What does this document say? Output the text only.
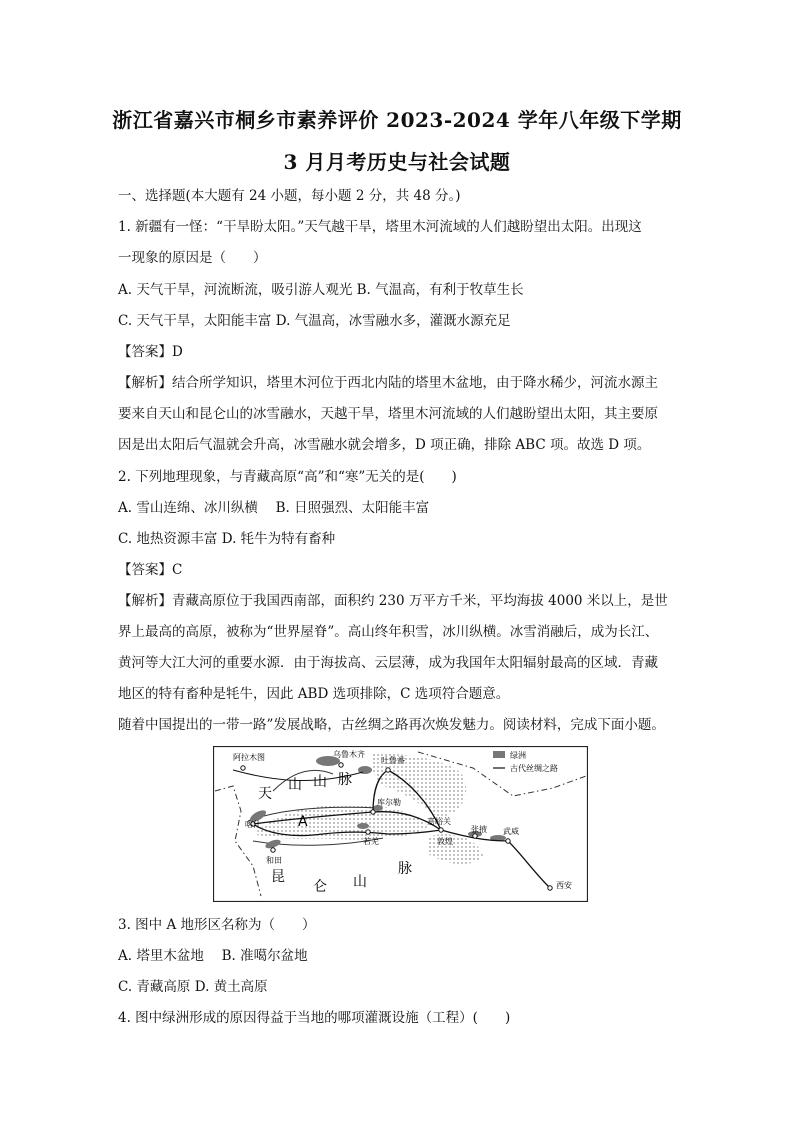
浙江省嘉兴市桐乡市素养评价 2023-2024 学年八年级下学期
3 月月考历史与社会试题
一、选择题(本大题有 24 小题，每小题 2 分，共 48 分。)
1. 新疆有一怪：“干旱盼太阳。”天气越干旱，塔里木河流域的人们越盼望出太阳。出现这
一现象的原因是（　　）
A. 天气干旱，河流断流，吸引游人观光 B. 气温高，有利于牧草生长
C. 天气干旱，太阳能丰富 D. 气温高，冰雪融水多，灌溉水源充足
【答案】D
【解析】结合所学知识，塔里木河位于西北内陆的塔里木盆地，由于降水稀少，河流水源主
要来自天山和昆仑山的冰雪融水，天越干旱，塔里木河流域的人们越盼望出太阳，其主要原
因是出太阳后气温就会升高，冰雪融水就会增多，D 项正确，排除 ABC 项。故选 D 项。
2. 下列地理现象，与青藏高原“高”和“寒”无关的是(　　)
A. 雪山连绵、冰川纵横　 B. 日照强烈、太阳能丰富
C. 地热资源丰富 D. 牦牛为特有畜种
【答案】C
【解析】青藏高原位于我国西南部，面积约 230 万平方千米，平均海拔 4000 米以上，是世
界上最高的高原，被称为“世界屋脊”。高山终年积雪，冰川纵横。冰雪消融后，成为长江、
黄河等大江大河的重要水源．由于海拔高、云层薄，成为我国年太阳辐射最高的区域．青藏
地区的特有畜种是牦牛，因此 ABD 选项排除，C 选项符合题意。
随着中国提出的一带一路”发展战略，古丝绸之路再次焕发魅力。阅读材料，完成下面小题。
阿拉木图	乌鲁木齐
吐鲁番
库尔勒
喀什
和田
若羌
嘉峪关
敦煌
张掖 武威
西安
天
山 山 脉
A
昆
仑 山
脉
绿洲
古代丝绸之路
3. 图中 A 地形区名称为（　　）
A. 塔里木盆地　 B. 准噶尔盆地
C. 青藏高原 D. 黄土高原
4. 图中绿洲形成的原因得益于当地的哪项灌溉设施（工程）(　　)
